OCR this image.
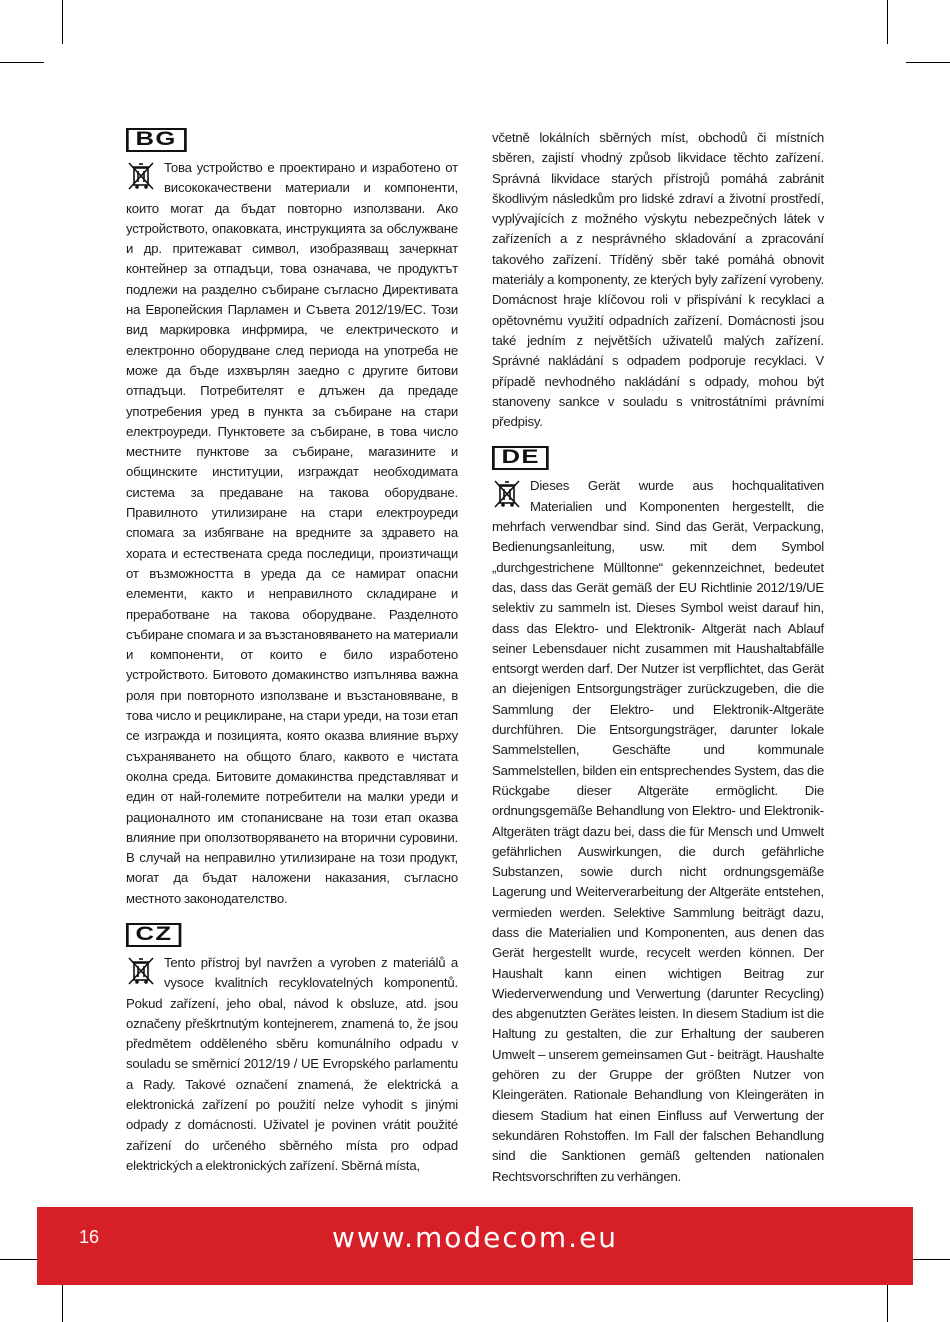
BG
Това устройство е проектирано и изработено от висококачествени материали и компоненти, които могат да бъдат повторно използвани. Ако устройството, опаковката, инструкцията за обслужване и др. притежават символ, изобразяващ зачеркнат контейнер за отпадъци, това означава, че продуктът подлежи на разделно събиране съгласно Директивата на Европейския Парламен и Съвета 2012/19/ЕС. Този вид маркировка инфрмира, че електрическото и електронно оборудване след периода на употреба не може да бъде изхвърлян заедно с другите битови отпадъци. Потребителят е длъжен да предаде употребения уред в пункта за събиране на стари електроуреди. Пунктовете за събиране, в това число местните пунктове за събиране, магазините и общинските институции, изграждат необходимата система за предаване на такова оборудване. Правилното утилизиране на стари електроуреди спомага за избягване на вредните за здравето на хората и естествената среда последици, произтичащи от възможността в уреда да се намират опасни елементи, както и неправилното складиране и преработване на такова оборудване. Разделното събиране спомага и за възстановяването на материали и компоненти, от които е било изработено устройството. Битовото домакинство изпълнява важна роля при повторното използване и възстановяване, в това число и рециклиране, на стари уреди, на този етап се изгражда и позицията, която оказва влияние върху съхраняването на общото благо, каквото е чистата околна среда. Битовите домакинства представляват и един от най-големите потребители на малки уреди и рационалното им стопанисване на този етап оказва влияние при оползотворяването на вторични суровини. В случай на неправилно утилизиране на този продукт, могат да бъдат наложени наказания, съгласно местното законодателство.
CZ
Tento přístroj byl navržen a vyroben z materiálů a vysoce kvalitních recyklovatelných komponentů. Pokud zařízení, jeho obal, návod k obsluze, atd. jsou označeny přeškrtnutým kontejnerem, znamená to, že jsou předmětem odděleného sběru komunálního odpadu v souladu se směrnicí 2012/19 / UE Evropského parlamentu a Rady. Takové označení znamená, že elektrická a elektronická zařízení po použití nelze vyhodit s jinými odpady z domácnosti. Uživatel je povinen vrátit použité zařízení do určeného sběrného místa pro odpad elektrických a elektronických zařízení. Sběrná místa,
včetně lokálních sběrných míst, obchodů či místních sběren, zajistí vhodný způsob likvidace těchto zařízení. Správná likvidace starých přístrojů pomáhá zabránit škodlivým následkům pro lidské zdraví a životní prostředí, vyplývajících z možného výskytu nebezpečných látek v zařízeních a z nesprávného skladování a zpracování takového zařízení. Tříděný sběr také pomáhá obnovit materiály a komponenty, ze kterých byly zařízení vyrobeny. Domácnost hraje klíčovou roli v přispívání k recyklaci a opětovnému využití odpadních zařízení. Domácnosti jsou také jedním z největších uživatelů malých zařízení. Správné nakládání s odpadem podporuje recyklaci. V případě nevhodného nakládání s odpady, mohou být stanoveny sankce v souladu s vnitrostátními právními předpisy.
DE
Dieses Gerät wurde aus hochqualitativen Materialien und Komponenten hergestellt, die mehrfach verwendbar sind. Sind das Gerät, Verpackung, Bedienungsanleitung, usw. mit dem Symbol „durchgestrichene Mülltonne“ gekennzeichnet, bedeutet das, dass das Gerät gemäß der EU Richtlinie 2012/19/UE selektiv zu sammeln ist. Dieses Symbol weist darauf hin, dass das Elektro- und Elektronik- Altgerät nach Ablauf seiner Lebensdauer nicht zusammen mit Haushaltabfälle entsorgt werden darf. Der Nutzer ist verpflichtet, das Gerät an diejenigen Entsorgungsträger zurückzugeben, die die Sammlung der Elektro- und Elektronik-Altgeräte durchführen. Die Entsorgungsträger, darunter lokale Sammelstellen, Geschäfte und kommunale Sammelstellen, bilden ein entsprechendes System, das die Rückgabe dieser Altgeräte ermöglicht. Die ordnungsgemäße Behandlung von Elektro- und Elektronik-Altgeräten trägt dazu bei, dass die für Mensch und Umwelt gefährlichen Auswirkungen, die durch gefährliche Substanzen, sowie durch nicht ordnungsgemäße Lagerung und Weiterverarbeitung der Altgeräte entstehen, vermieden werden. Selektive Sammlung beiträgt dazu, dass die Materialien und Komponenten, aus denen das Gerät hergestellt wurde, recycelt werden können. Der Haushalt kann einen wichtigen Beitrag zur Wiederverwendung und Verwertung (darunter Recycling) des abgenutzten Gerätes leisten. In diesem Stadium ist die Haltung zu gestalten, die zur Erhaltung der sauberen Umwelt – unserem gemeinsamen Gut - beiträgt. Haushalte gehören zu der Gruppe der größten Nutzer von Kleingeräten. Rationale Behandlung von Kleingeräten in diesem Stadium hat einen Einfluss auf Verwertung der sekundären Rohstoffen. Im Fall der falschen Behandlung sind die Sanktionen gemäß geltenden nationalen Rechtsvorschriften zu verhängen.
16	www.modecom.eu
